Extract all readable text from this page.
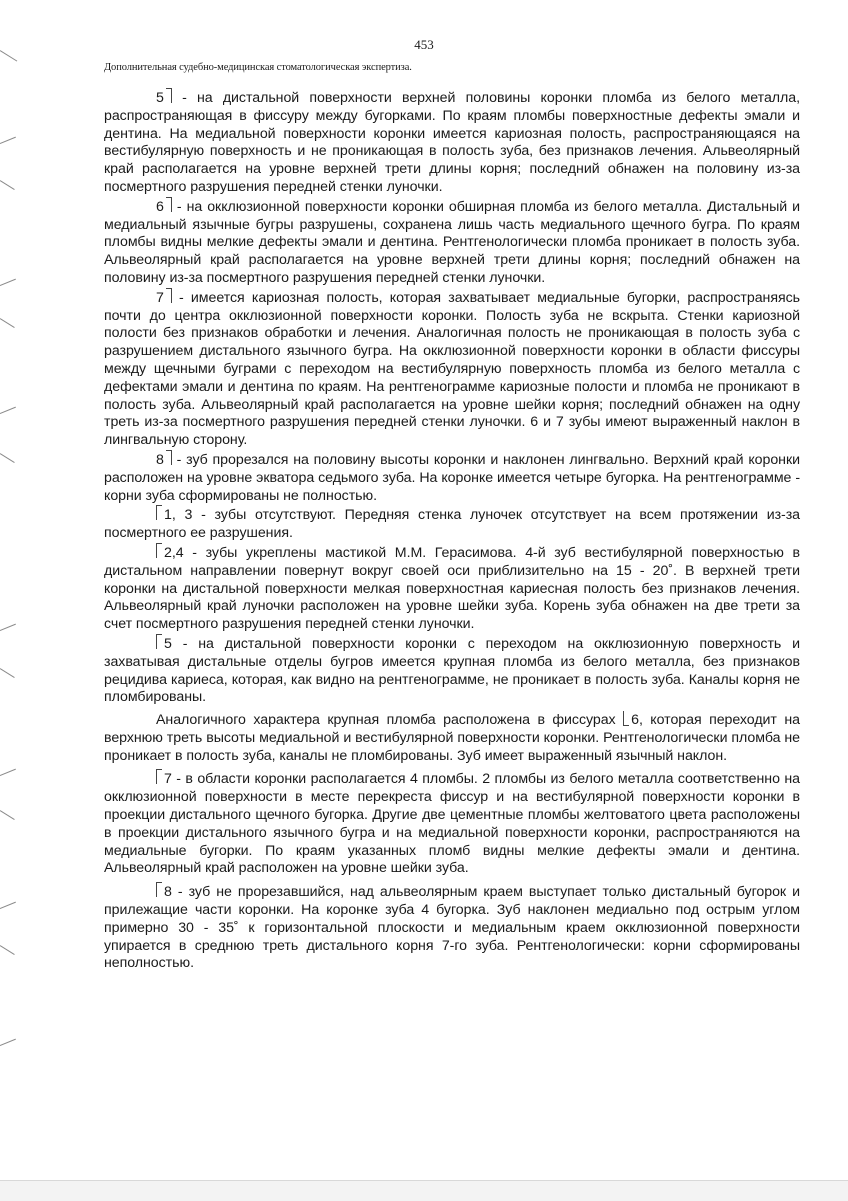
453
Дополнительная судебно-медицинская стоматологическая экспертиза.

5 - на дистальной поверхности верхней половины коронки пломба из белого металла, распространяющая в фиссуру между бугорками. По краям пломбы поверхностные дефекты эмали и дентина. На медиальной поверхности коронки имеется кариозная полость, распространяющаяся на вестибулярную поверхность и не проникающая в полость зуба, без признаков лечения. Альвеолярный край располагается на уровне верхней трети длины корня; последний обнажен на половину из-за посмертного разрушения передней стенки луночки.

6 - на окклюзионной поверхности коронки обширная пломба из белого металла. Дистальный и медиальный язычные бугры разрушены, сохранена лишь часть медиального щечного бугра. По краям пломбы видны мелкие дефекты эмали и дентина. Рентгенологически пломба проникает в полость зуба. Альвеолярный край располагается на уровне верхней трети длины корня; последний обнажен на половину из-за посмертного разрушения передней стенки луночки.

7 - имеется кариозная полость, которая захватывает медиальные бугорки, распространяясь почти до центра окклюзионной поверхности коронки. Полость зуба не вскрыта. Стенки кариозной полости без признаков обработки и лечения. Аналогичная полость не проникающая в полость зуба с разрушением дистального язычного бугра. На окклюзионной поверхности коронки в области фиссуры между щечными буграми с переходом на вестибулярную поверхность пломба из белого металла с дефектами эмали и дентина по краям. На рентгенограмме кариозные полости и пломба не проникают в полость зуба. Альвеолярный край располагается на уровне шейки корня; последний обнажен на одну треть из-за посмертного разрушения передней стенки луночки. 6 и 7 зубы имеют выраженный наклон в лингвальную сторону.

8 - зуб прорезался на половину высоты коронки и наклонен лингвально. Верхний край коронки расположен на уровне экватора седьмого зуба. На коронке имеется четыре бугорка. На рентгенограмме - корни зуба сформированы не полностью.

1, 3 - зубы отсутствуют. Передняя стенка луночек отсутствует на всем протяжении из-за посмертного ее разрушения.

2,4 - зубы укреплены мастикой М.М. Герасимова. 4-й зуб вестибулярной поверхностью в дистальном направлении повернут вокруг своей оси приблизительно на 15 - 20˚. В верхней трети коронки на дистальной поверхности мелкая поверхностная кариесная полость без признаков лечения. Альвеолярный край луночки расположен на уровне шейки зуба. Корень зуба обнажен на две трети за счет посмертного разрушения передней стенки луночки.

5 - на дистальной поверхности коронки с переходом на окклюзионную поверхность и захватывая дистальные отделы бугров имеется крупная пломба из белого металла, без признаков рецидива кариеса, которая, как видно на рентгенограмме, не проникает в полость зуба. Каналы корня не пломбированы.

Аналогичного характера крупная пломба расположена в фиссурах 6, которая переходит на верхнюю треть высоты медиальной и вестибулярной поверхности коронки. Рентгенологически пломба не проникает в полость зуба, каналы не пломбированы. Зуб имеет выраженный язычный наклон.

7 - в области коронки располагается 4 пломбы. 2 пломбы из белого металла соответственно на окклюзионной поверхности в месте перекреста фиссур и на вестибулярной поверхности коронки в проекции дистального щечного бугорка. Другие две цементные пломбы желтоватого цвета расположены в проекции дистального язычного бугра и на медиальной поверхности коронки, распространяются на медиальные бугорки. По краям указанных пломб видны мелкие дефекты эмали и дентина. Альвеолярный край расположен на уровне шейки зуба.

8 - зуб не прорезавшийся, над альвеолярным краем выступает только дистальный бугорок и прилежащие части коронки. На коронке зуба 4 бугорка. Зуб наклонен медиально под острым углом примерно 30 - 35˚ к горизонтальной плоскости и медиальным краем окклюзионной поверхности упирается в среднюю треть дистального корня 7-го зуба. Рентгенологически: корни сформированы неполностью.
